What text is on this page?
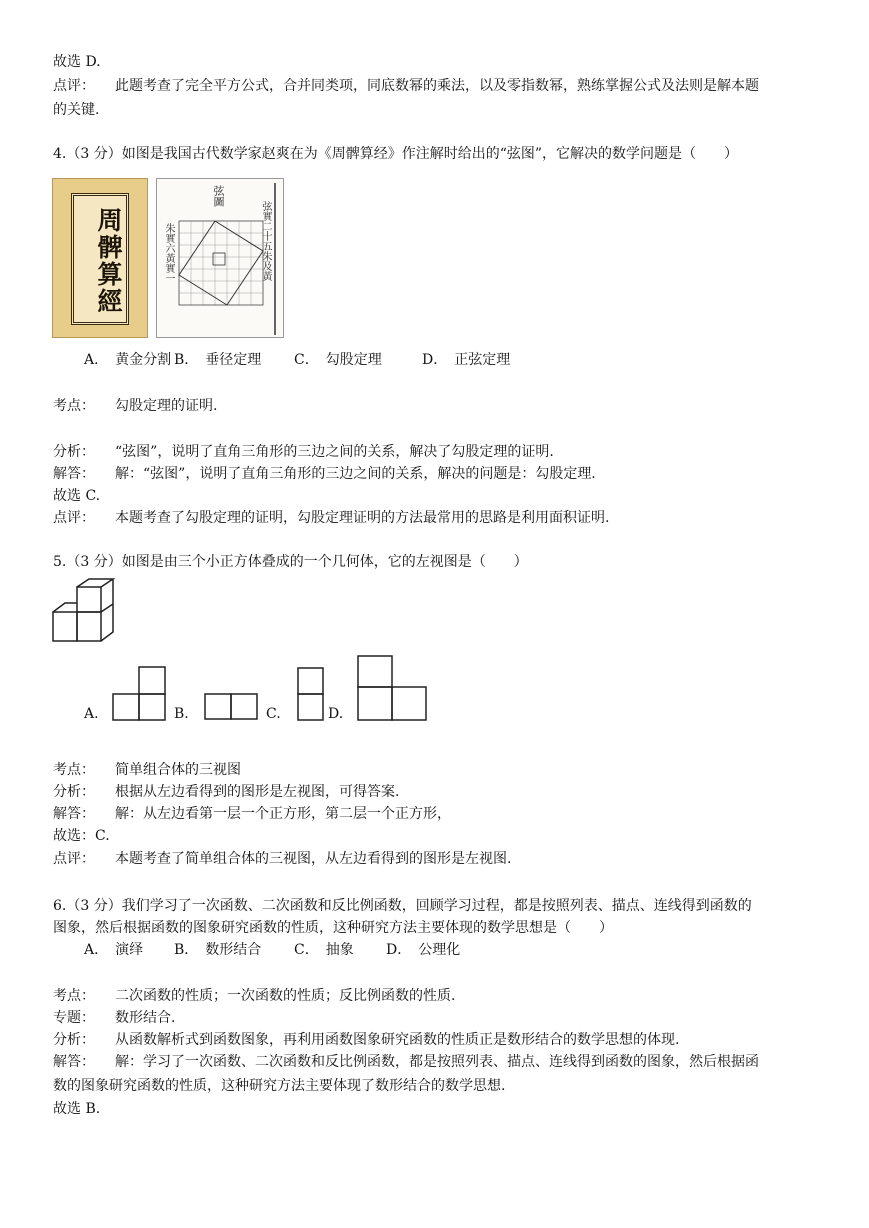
故选 D.
点评： 此题考查了完全平方公式，合并同类项，同底数幂的乘法，以及零指数幂，熟练掌握公式及法则是解本题
的关键.
4.（3 分）如图是我国古代数学家赵爽在为《周髀算经》作注解时给出的“弦图”，它解决的数学问题是（　　）
周髀算經
弦圖
朱實六黃實一	弦實二十五朱及黃
A．　黄金分割 B．　垂径定理 C．　勾股定理	D．　正弦定理
考点： 勾股定理的证明.
分析： “弦图”，说明了直角三角形的三边之间的关系，解决了勾股定理的证明.
解答： 解：“弦图”，说明了直角三角形的三边之间的关系，解决的问题是：勾股定理.
故选 C.
点评： 本题考查了勾股定理的证明，勾股定理证明的方法最常用的思路是利用面积证明.
5.（3 分）如图是由三个小正方体叠成的一个几何体，它的左视图是（　　）
A.	B.	C.	D.
考点： 简单组合体的三视图
分析： 根据从左边看得到的图形是左视图，可得答案.
解答： 解：从左边看第一层一个正方形，第二层一个正方形，
故选：C.
点评： 本题考查了简单组合体的三视图，从左边看得到的图形是左视图.
6.（3 分）我们学习了一次函数、二次函数和反比例函数，回顾学习过程，都是按照列表、描点、连线得到函数的
图象，然后根据函数的图象研究函数的性质，这种研究方法主要体现的数学思想是（　　）
A．　演绎 B．　数形结合 C．　抽象 D．　公理化
考点： 二次函数的性质；一次函数的性质；反比例函数的性质.
专题： 数形结合.
分析： 从函数解析式到函数图象，再利用函数图象研究函数的性质正是数形结合的数学思想的体现.
解答： 解：学习了一次函数、二次函数和反比例函数，都是按照列表、描点、连线得到函数的图象，然后根据函
数的图象研究函数的性质，这种研究方法主要体现了数形结合的数学思想.
故选 B.
